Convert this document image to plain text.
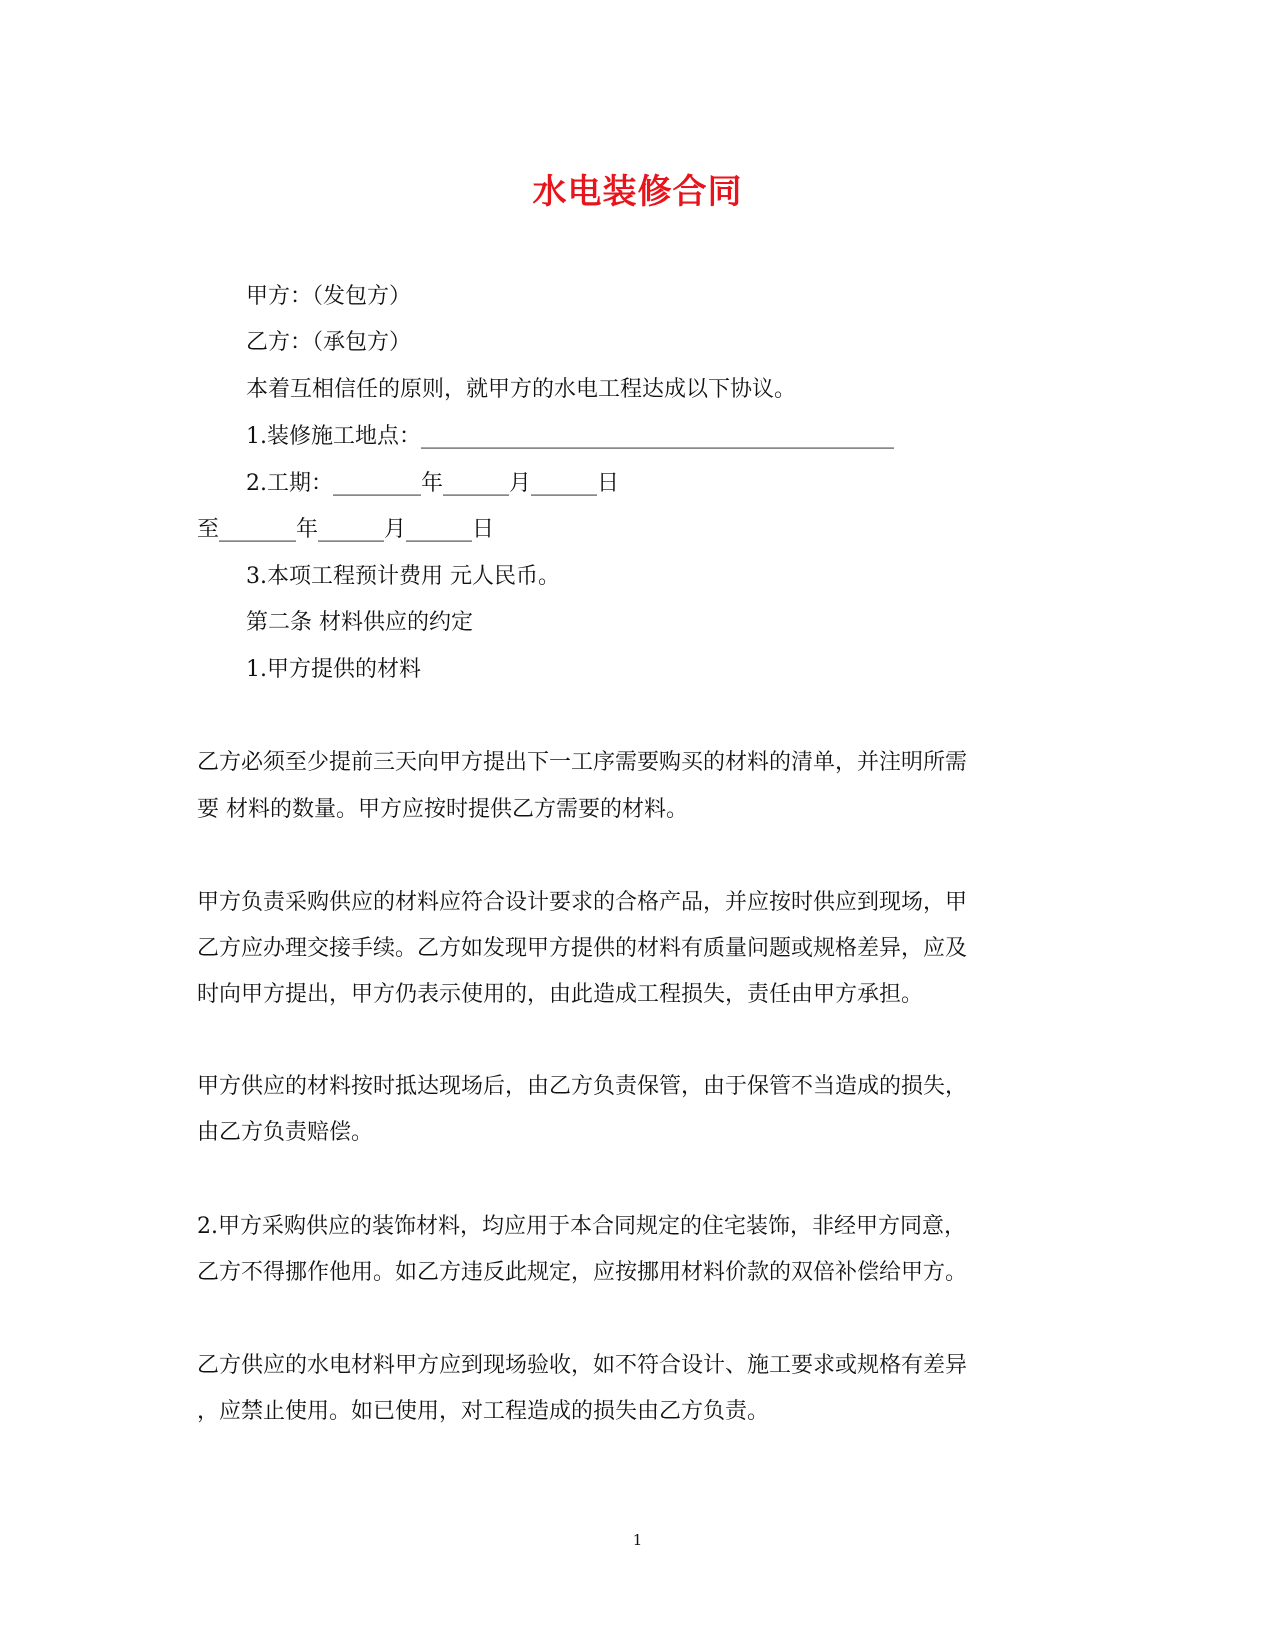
水电装修合同
甲方：（发包方）
乙方：（承包方）
本着互相信任的原则，就甲方的水电工程达成以下协议。
1.装修施工地点：___________________________________________
2.工期：________年______月______日
至_______年______月______日
3.本项工程预计费用 元人民币。
第二条 材料供应的约定
1.甲方提供的材料
乙方必须至少提前三天向甲方提出下一工序需要购买的材料的清单，并注明所需
要 材料的数量。甲方应按时提供乙方需要的材料。
甲方负责采购供应的材料应符合设计要求的合格产品，并应按时供应到现场，甲
乙方应办理交接手续。乙方如发现甲方提供的材料有质量问题或规格差异，应及
时向甲方提出，甲方仍表示使用的，由此造成工程损失，责任由甲方承担。
甲方供应的材料按时抵达现场后，由乙方负责保管，由于保管不当造成的损失，
由乙方负责赔偿。
2.甲方采购供应的装饰材料，均应用于本合同规定的住宅装饰，非经甲方同意，
乙方不得挪作他用。如乙方违反此规定，应按挪用材料价款的双倍补偿给甲方。
乙方供应的水电材料甲方应到现场验收，如不符合设计、施工要求或规格有差异
，应禁止使用。如已使用，对工程造成的损失由乙方负责。
1
